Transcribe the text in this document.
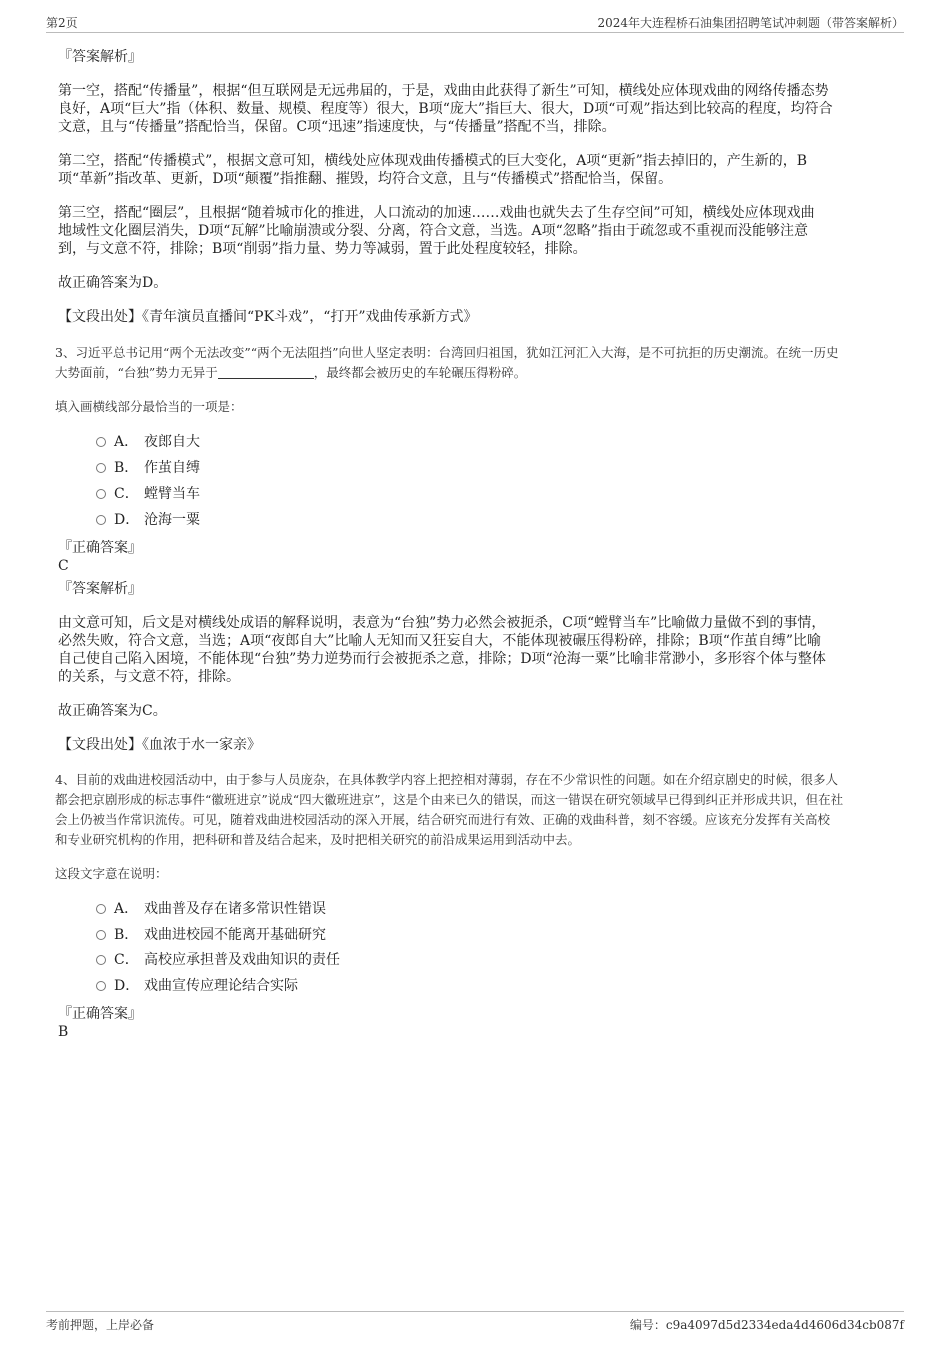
第2页	2024年大连程桥石油集团招聘笔试冲刺题（带答案解析）
『答案解析』
第一空，搭配“传播量”，根据“但互联网是无远弗届的，于是，戏曲由此获得了新生”可知，横线处应体现戏曲的网络传播态势
良好，A项“巨大”指（体积、数量、规模、程度等）很大，B项“庞大”指巨大、很大，D项“可观”指达到比较高的程度，均符合
文意，且与“传播量”搭配恰当，保留。C项“迅速”指速度快，与“传播量”搭配不当，排除。
第二空，搭配“传播模式”，根据文意可知，横线处应体现戏曲传播模式的巨大变化，A项“更新”指去掉旧的，产生新的，B
项“革新”指改革、更新，D项“颠覆”指推翻、摧毁，均符合文意，且与“传播模式”搭配恰当，保留。
第三空，搭配“圈层”，且根据“随着城市化的推进，人口流动的加速……戏曲也就失去了生存空间”可知，横线处应体现戏曲
地域性文化圈层消失，D项“瓦解”比喻崩溃或分裂、分离，符合文意，当选。A项“忽略”指由于疏忽或不重视而没能够注意
到，与文意不符，排除；B项“削弱”指力量、势力等减弱，置于此处程度较轻，排除。
故正确答案为D。
【文段出处】《青年演员直播间“PK斗戏”，“打开”戏曲传承新方式》
3、习近平总书记用“两个无法改变”“两个无法阻挡”向世人坚定表明：台湾回归祖国，犹如江河汇入大海，是不可抗拒的历史潮流。在统一历史
大势面前，“台独”势力无异于	，最终都会被历史的车轮碾压得粉碎。
填入画横线部分最恰当的一项是：
A． 夜郎自大
B． 作茧自缚
C． 螳臂当车
D． 沧海一粟
『正确答案』
C
『答案解析』
由文意可知，后文是对横线处成语的解释说明，表意为“台独”势力必然会被扼杀，C项“螳臂当车”比喻做力量做不到的事情，
必然失败，符合文意，当选；A项“夜郎自大”比喻人无知而又狂妄自大，不能体现被碾压得粉碎，排除；B项“作茧自缚”比喻
自己使自己陷入困境，不能体现“台独”势力逆势而行会被扼杀之意，排除；D项“沧海一粟”比喻非常渺小，多形容个体与整体
的关系，与文意不符，排除。
故正确答案为C。
【文段出处】《血浓于水一家亲》
4、目前的戏曲进校园活动中，由于参与人员庞杂，在具体教学内容上把控相对薄弱，存在不少常识性的问题。如在介绍京剧史的时候，很多人
都会把京剧形成的标志事件“徽班进京”说成“四大徽班进京”，这是个由来已久的错误，而这一错误在研究领域早已得到纠正并形成共识，但在社
会上仍被当作常识流传。可见，随着戏曲进校园活动的深入开展，结合研究而进行有效、正确的戏曲科普，刻不容缓。应该充分发挥有关高校
和专业研究机构的作用，把科研和普及结合起来，及时把相关研究的前沿成果运用到活动中去。
这段文字意在说明：
A． 戏曲普及存在诸多常识性错误
B． 戏曲进校园不能离开基础研究
C． 高校应承担普及戏曲知识的责任
D． 戏曲宣传应理论结合实际
『正确答案』
B
考前押题，上岸必备	编号：c9a4097d5d2334eda4d4606d34cb087f
